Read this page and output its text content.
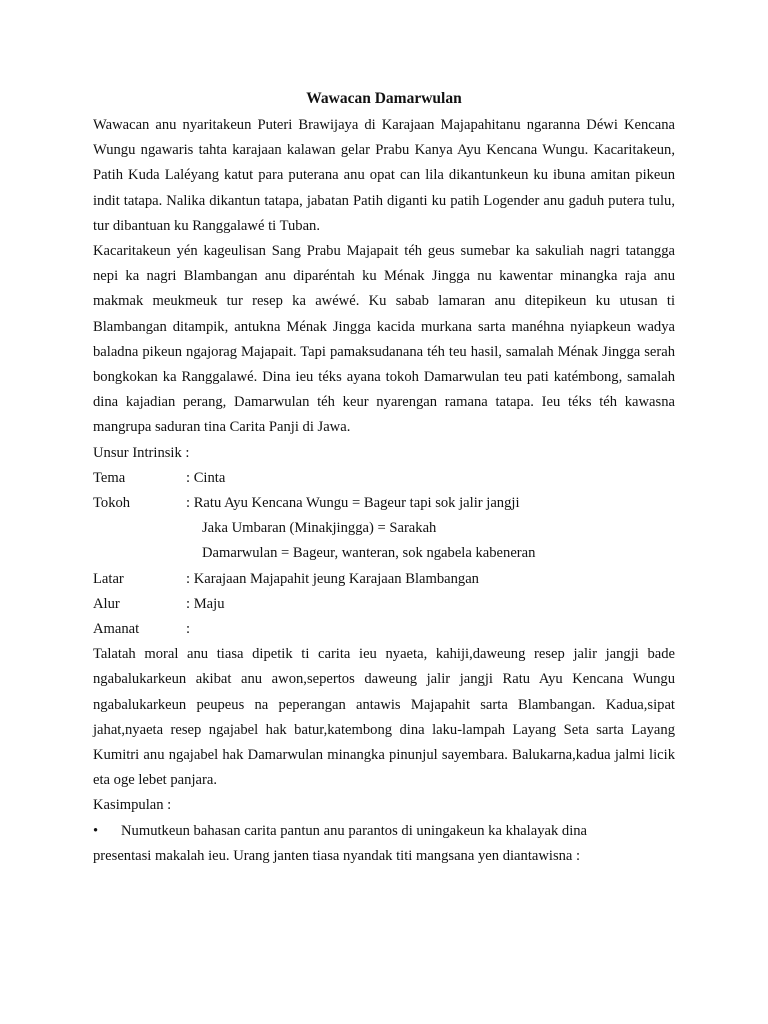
Wawacan Damarwulan

Wawacan anu nyaritakeun Puteri Brawijaya di Karajaan Majapahitanu ngaranna Déwi Kencana Wungu ngawaris tahta karajaan kalawan gelar Prabu Kanya Ayu Kencana Wungu. Kacaritakeun, Patih Kuda Laléyang katut para puterana anu opat can lila dikantunkeun ku ibuna amitan pikeun indit tatapa. Nalika dikantun tatapa, jabatan Patih diganti ku patih Logender anu gaduh putera tulu, tur dibantuan ku Ranggalawé ti Tuban.

Kacaritakeun yén kageulisan Sang Prabu Majapait téh geus sumebar ka sakuliah nagri tatangga nepi ka nagri Blambangan anu diparéntah ku Ménak Jingga nu kawentar minangka raja anu makmak meukmeuk tur resep ka awéwé. Ku sabab lamaran anu ditepikeun ku utusan ti Blambangan ditampik, antukna Ménak Jingga kacida murkana sarta manéhna nyiapkeun wadya baladna pikeun ngajorag Majapait. Tapi pamaksudanana téh teu hasil, samalah Ménak Jingga serah bongkokan ka Ranggalawé. Dina ieu téks ayana tokoh Damarwulan teu pati katémbong, samalah dina kajadian perang, Damarwulan téh keur nyarengan ramana tatapa. Ieu téks téh kawasna mangrupa saduran tina Carita Panji di Jawa.

Unsur Intrinsik :
Tema	: Cinta
Tokoh	: Ratu Ayu Kencana Wungu = Bageur tapi sok jalir jangji
Jaka Umbaran (Minakjingga) = Sarakah
Damarwulan = Bageur, wanteran, sok ngabela kabeneran
Latar	: Karajaan Majapahit jeung Karajaan Blambangan
Alur	: Maju
Amanat	:

Talatah moral anu tiasa dipetik ti carita ieu nyaeta, kahiji,daweung resep jalir jangji bade ngabalukarkeun akibat anu awon,sepertos daweung jalir jangji Ratu Ayu Kencana Wungu ngabalukarkeun peupeus na peperangan antawis Majapahit sarta Blambangan. Kadua,sipat jahat,nyaeta resep ngajabel hak batur,katembong dina laku-lampah Layang Seta sarta Layang Kumitri anu ngajabel hak Damarwulan minangka pinunjul sayembara. Balukarna,kadua jalmi licik eta oge lebet panjara.

Kasimpulan :
•	Numutkeun bahasan carita pantun anu parantos di uningakeun ka khalayak dina
presentasi makalah ieu. Urang janten tiasa nyandak titi mangsana yen diantawisna :
